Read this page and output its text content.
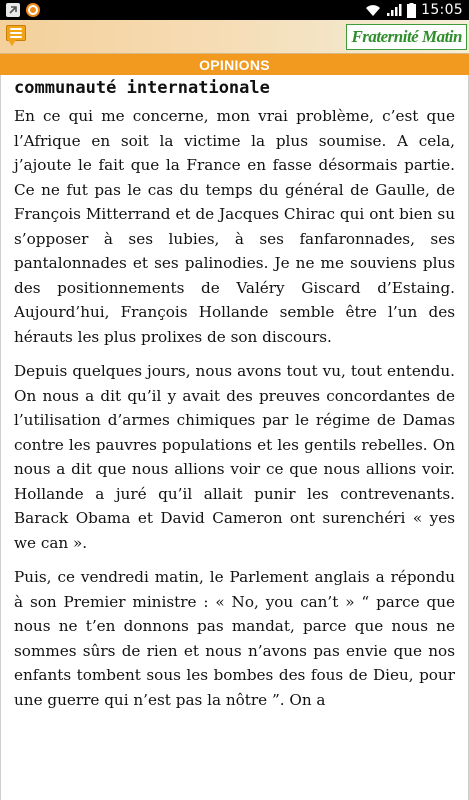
15:05
Fraternité Matin
OPINIONS
communauté internationale

En ce qui me concerne, mon vrai problème, c’est que l’Afrique en soit la victime la plus soumise. A cela, j’ajoute le fait que la France en fasse désormais partie. Ce ne fut pas le cas du temps du général de Gaulle, de François Mitterrand et de Jacques Chirac qui ont bien su s’opposer à ses lubies, à ses fanfaronnades, ses pantalonnades et ses palinodies. Je ne me souviens plus des positionnements de Valéry Giscard d’Estaing. Aujourd’hui, François Hollande semble être l’un des hérauts les plus prolixes de son discours.

Depuis quelques jours, nous avons tout vu, tout entendu. On nous a dit qu’il y avait des preuves concordantes de l’utilisation d’armes chimiques par le régime de Damas contre les pauvres populations et les gentils rebelles. On nous a dit que nous allions voir ce que nous allions voir. Hollande a juré qu’il allait punir les contrevenants. Barack Obama et David Cameron ont surenchéri « yes we can ».

Puis, ce vendredi matin, le Parlement anglais a répondu à son Premier ministre : « No, you can’t » “ parce que nous ne t’en donnons pas mandat, parce que nous ne sommes sûrs de rien et nous n’avons pas envie que nos enfants tombent sous les bombes des fous de Dieu, pour une guerre qui n’est pas la nôtre ”. On a
